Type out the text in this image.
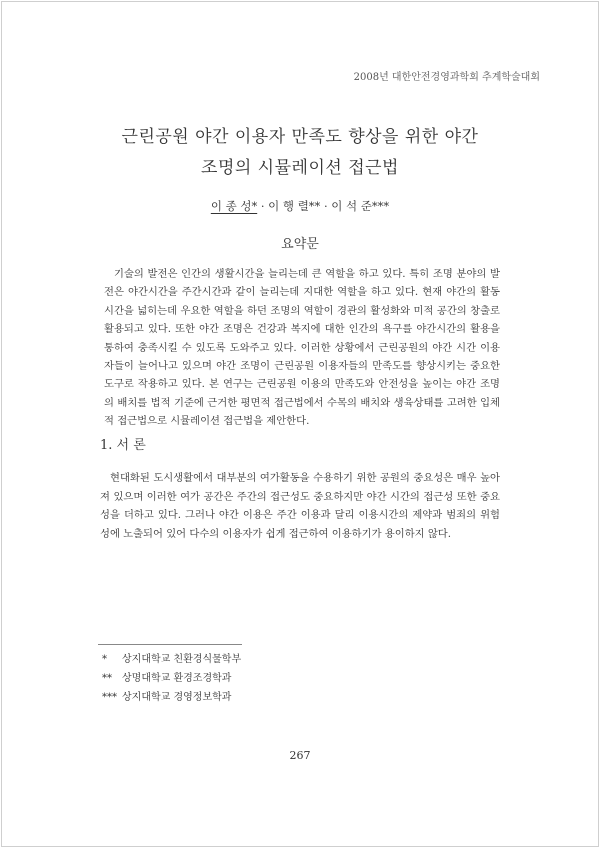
2008년 대한안전경영과학회 추계학술대회
근린공원 야간 이용자 만족도 향상을 위한 야간
조명의 시뮬레이션 접근법
이 종 성* · 이 행 렬** · 이 석 준***
요약문

기술의 발전은 인간의 생활시간을 늘리는데 큰 역할을 하고 있다. 특히 조명 분야의 발전은 야간시간을 주간시간과 같이 늘리는데 지대한 역할을 하고 있다. 현재 야간의 활동 시간을 넓히는데 우요한 역할을 하던 조명의 역할이 경관의 활성화와 미적 공간의 창출로 활용되고 있다. 또한 야간 조명은 건강과 복지에 대한 인간의 욕구를 야간시간의 활용을 통하여 충족시킬 수 있도록 도와주고 있다. 이러한 상황에서 근린공원의 야간 시간 이용자들이 늘어나고 있으며 야간 조명이 근린공원 이용자들의 만족도를 향상시키는 중요한 도구로 작용하고 있다. 본 연구는 근린공원 이용의 만족도와 안전성을 높이는 야간 조명의 배치를 법적 기준에 근거한 평면적 접근법에서 수목의 배치와 생육상태를 고려한 입체적 접근법으로 시뮬레이션 접근법을 제안한다.

1. 서 론

현대화된 도시생활에서 대부분의 여가활동을 수용하기 위한 공원의 중요성은 매우 높아져 있으며 이러한 여가 공간은 주간의 접근성도 중요하지만 야간 시간의 접근성 또한 중요성을 더하고 있다. 그러나 야간 이용은 주간 이용과 달리 이용시간의 제약과 범죄의 위험성에 노출되어 있어 다수의 이용자가 쉽게 접근하여 이용하기가 용이하지 않다.

* 상지대학교 친환경식물학부
** 상명대학교 환경조경학과
*** 상지대학교 경영정보학과
267
